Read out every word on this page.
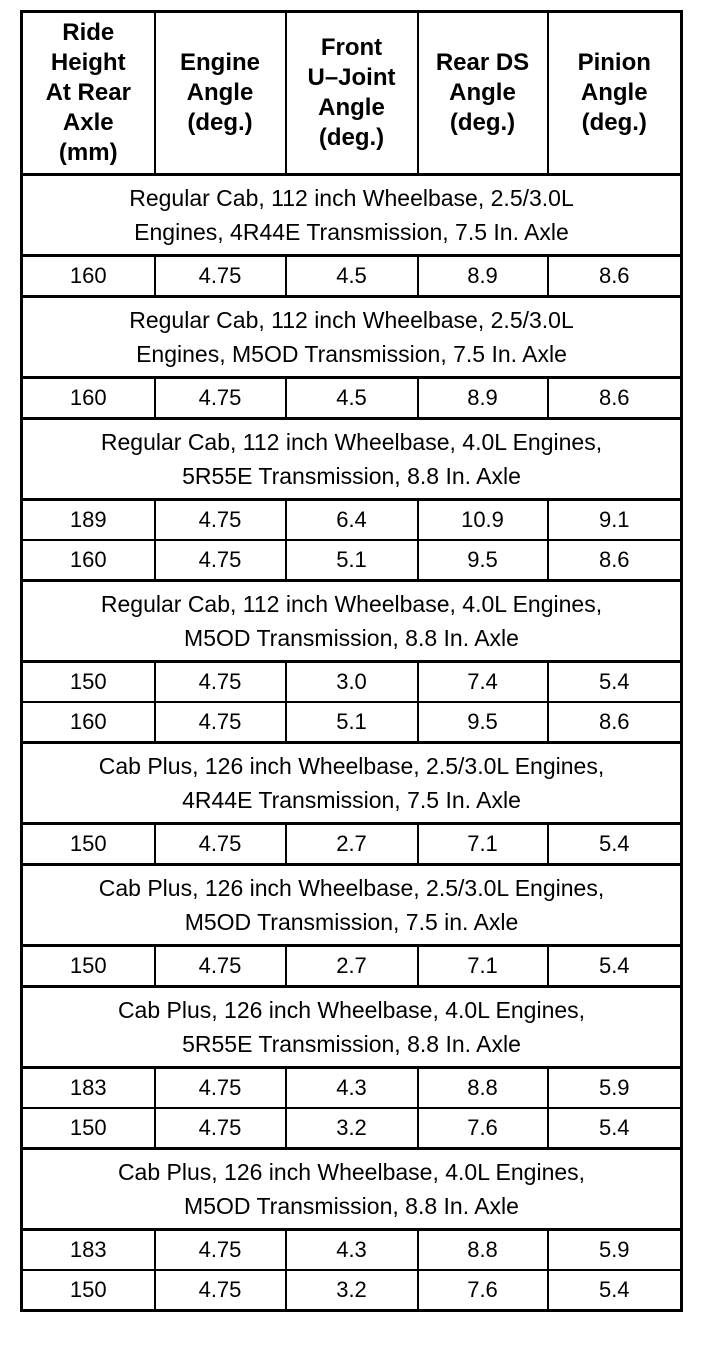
Ride
Height
At Rear
Axle
(mm)	Engine
Angle
(deg.)	Front
U–Joint
Angle
(deg.)	Rear DS
Angle
(deg.)	Pinion
Angle
(deg.)

Regular Cab, 112 inch Wheelbase, 2.5/3.0L
Engines, 4R44E Transmission, 7.5 In. Axle				

160	4.75	4.5	8.9	8.6

Regular Cab, 112 inch Wheelbase, 2.5/3.0L
Engines, M5OD Transmission, 7.5 In. Axle				

160	4.75	4.5	8.9	8.6

Regular Cab, 112 inch Wheelbase, 4.0L Engines,
5R55E Transmission, 8.8 In. Axle				

189	4.75	6.4	10.9	9.1
160	4.75	5.1	9.5	8.6

Regular Cab, 112 inch Wheelbase, 4.0L Engines,
M5OD Transmission, 8.8 In. Axle				

150	4.75	3.0	7.4	5.4
160	4.75	5.1	9.5	8.6

Cab Plus, 126 inch Wheelbase, 2.5/3.0L Engines,
4R44E Transmission, 7.5 In. Axle				

150	4.75	2.7	7.1	5.4

Cab Plus, 126 inch Wheelbase, 2.5/3.0L Engines,
M5OD Transmission, 7.5 in. Axle				

150	4.75	2.7	7.1	5.4

Cab Plus, 126 inch Wheelbase, 4.0L Engines,
5R55E Transmission, 8.8 In. Axle				

183	4.75	4.3	8.8	5.9
150	4.75	3.2	7.6	5.4

Cab Plus, 126 inch Wheelbase, 4.0L Engines,
M5OD Transmission, 8.8 In. Axle				

183	4.75	4.3	8.8	5.9
150	4.75	3.2	7.6	5.4
